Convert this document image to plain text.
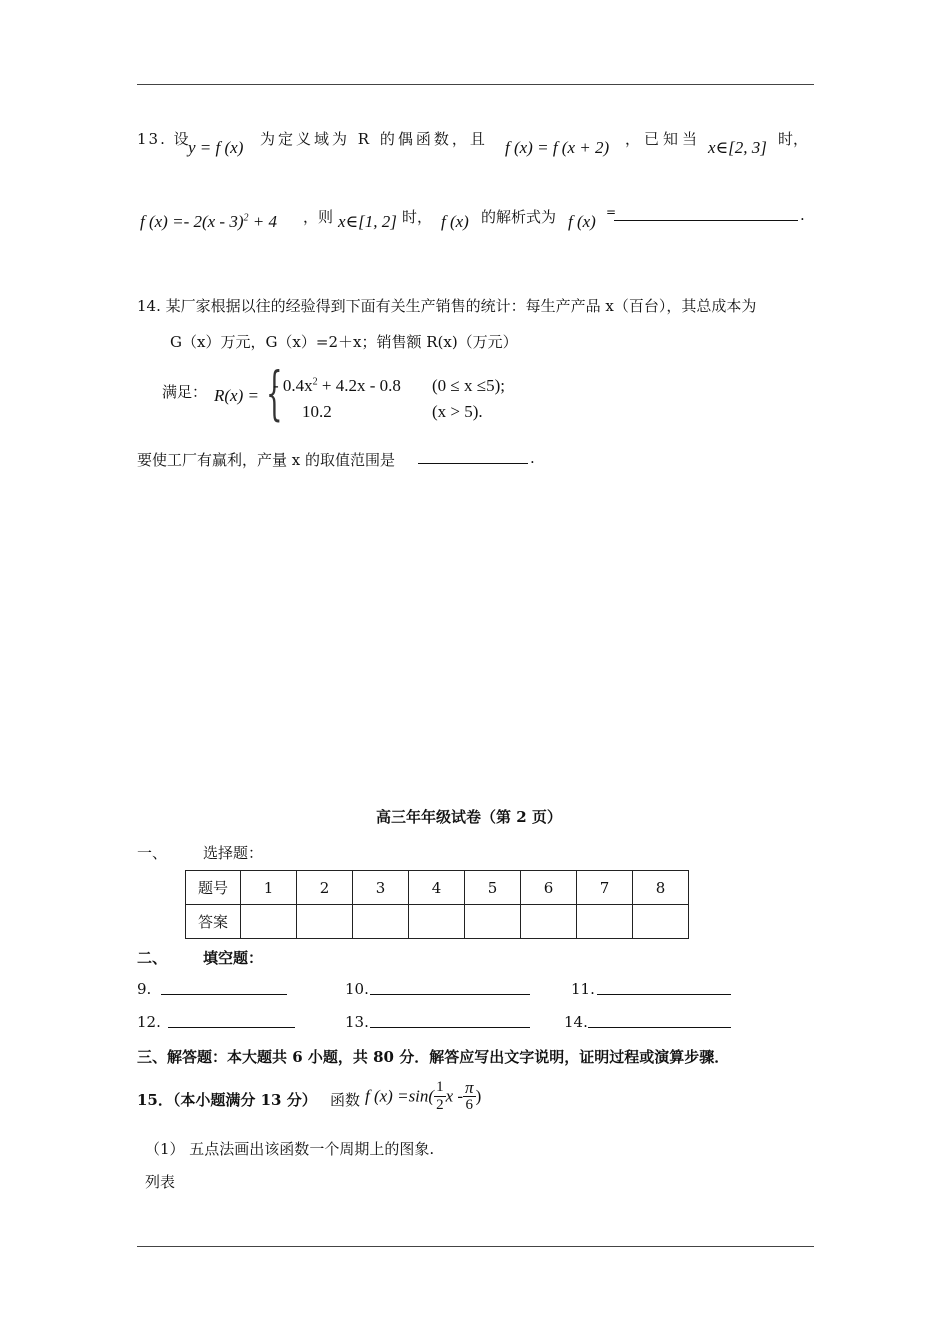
13. 设
y = f (x) 为定义域为 R 的偶函数，且 f (x) = f (x + 2) ，已知当 x∈[2, 3] 时，
f (x) =- 2(x - 3)$^2$ + 4 ，则 x∈[1, 2] 时， f (x) 的解析式为 f (x) =	.
14. 某厂家根据以往的经验得到下面有关生产销售的统计：每生产产品 x（百台），其总成本为
G（x）万元，G（x）=2＋x；销售额 R(x)（万元）
满足： R(x) = {
- $0.4x^2 + 4.2x - 0.8$ (0 ≤ x ≤5);
10.2	(x > 5).
要使工厂有赢利，产量 x 的取值范围是	.
高三年年级试卷（第 2 页）
一、 选择题：
题号	1	2	3	4	5	6	7	8
答案								
二、 填空题：
9.	10.	11.
12.	13.	14.
三、解答题：本大题共 6 小题，共 80 分．解答应写出文字说明，证明过程或演算步骤．
15．（本小题满分 13 分） 函数 f $(x) =\sin( \frac{1}{2}$ x - $\frac{\pi}{6}$ )
（1） 五点法画出该函数一个周期上的图象.
列表
